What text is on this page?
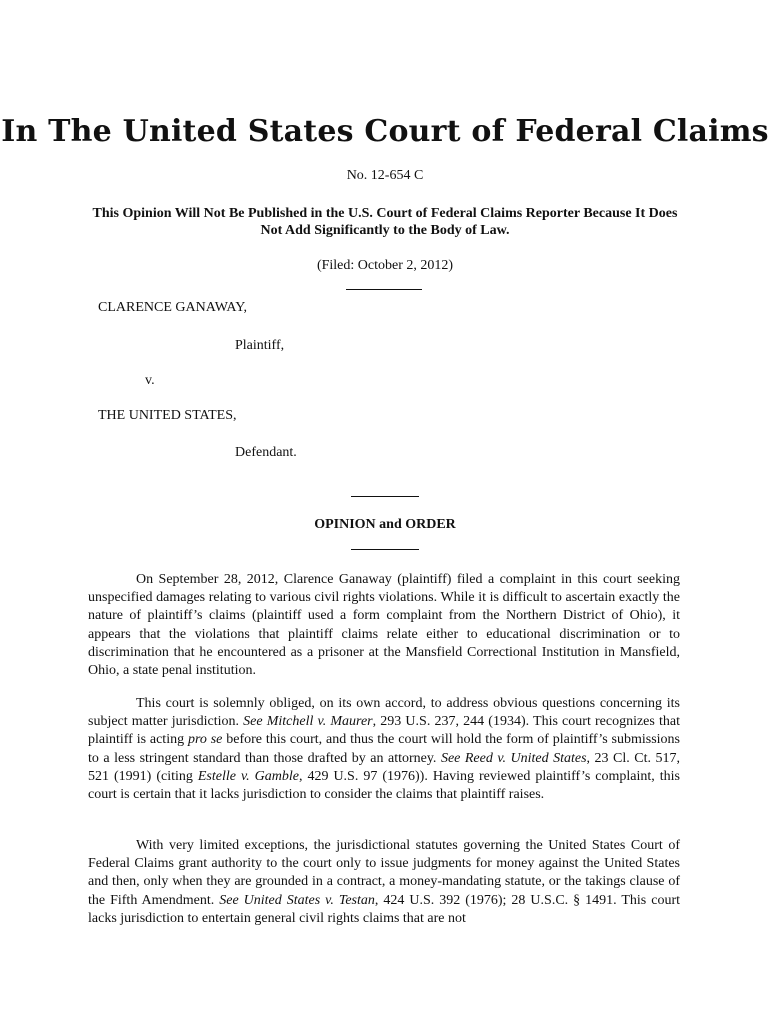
In The United States Court of Federal Claims
No. 12-654 C
This Opinion Will Not Be Published in the U.S. Court of Federal Claims Reporter Because It Does Not Add Significantly to the Body of Law.
(Filed: October 2, 2012)
CLARENCE GANAWAY,
Plaintiff,
v.
THE UNITED STATES,
Defendant.
OPINION and ORDER

On September 28, 2012, Clarence Ganaway (plaintiff) filed a complaint in this court seeking unspecified damages relating to various civil rights violations. While it is difficult to ascertain exactly the nature of plaintiff’s claims (plaintiff used a form complaint from the Northern District of Ohio), it appears that the violations that plaintiff claims relate either to educational discrimination or to discrimination that he encountered as a prisoner at the Mansfield Correctional Institution in Mansfield, Ohio, a state penal institution.

This court is solemnly obliged, on its own accord, to address obvious questions concerning its subject matter jurisdiction. See Mitchell v. Maurer, 293 U.S. 237, 244 (1934). This court recognizes that plaintiff is acting pro se before this court, and thus the court will hold the form of plaintiff’s submissions to a less stringent standard than those drafted by an attorney. See Reed v. United States, 23 Cl. Ct. 517, 521 (1991) (citing Estelle v. Gamble, 429 U.S. 97 (1976)). Having reviewed plaintiff’s complaint, this court is certain that it lacks jurisdiction to consider the claims that plaintiff raises.

With very limited exceptions, the jurisdictional statutes governing the United States Court of Federal Claims grant authority to the court only to issue judgments for money against the United States and then, only when they are grounded in a contract, a money-mandating statute, or the takings clause of the Fifth Amendment. See United States v. Testan, 424 U.S. 392 (1976); 28 U.S.C. § 1491. This court lacks jurisdiction to entertain general civil rights claims that are not
